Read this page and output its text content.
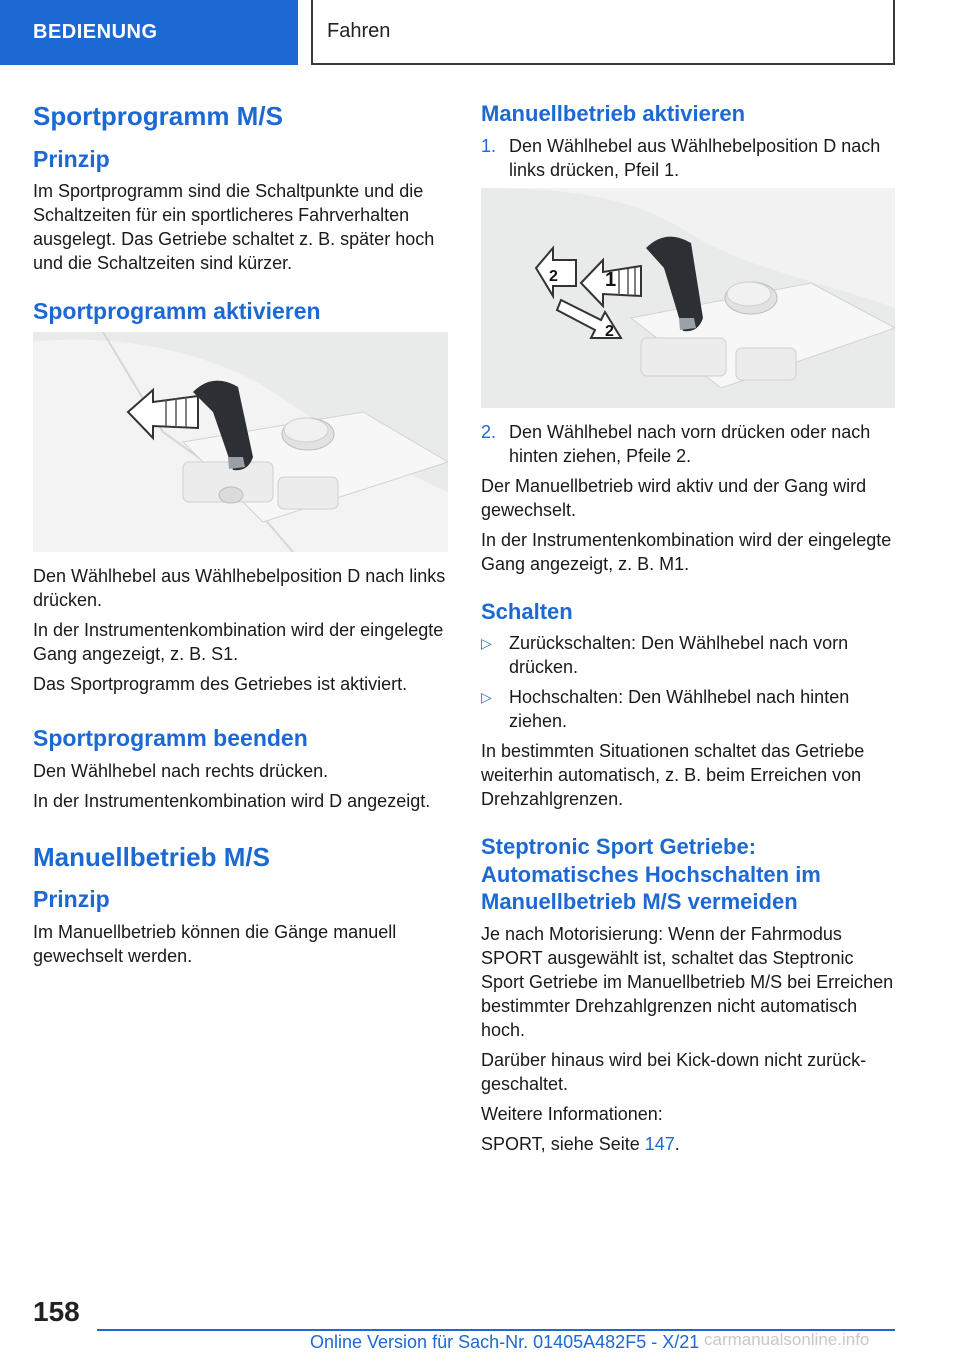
BEDIENUNG	Fahren
Sportprogramm M/S
Prinzip

Im Sportprogramm sind die Schaltpunkte und die Schaltzeiten für ein sportlicheres Fahrverhalten ausgelegt. Das Getriebe schaltet z. B. später hoch und die Schaltzeiten sind kürzer.

Sportprogramm aktivieren

Den Wählhebel aus Wählhebelposition D nach links drücken.

In der Instrumentenkombination wird der eingelegte Gang angezeigt, z. B. S1.

Das Sportprogramm des Getriebes ist aktiviert.

Sportprogramm beenden

Den Wählhebel nach rechts drücken.

In der Instrumentenkombination wird D angezeigt.

Manuellbetrieb M/S
Prinzip

Im Manuellbetrieb können die Gänge manuell gewechselt werden.

Manuellbetrieb aktivieren
1. Den Wählhebel aus Wählhebelposition D nach links drücken, Pfeil 1.
1
2
2
2. Den Wählhebel nach vorn drücken oder nach hinten ziehen, Pfeile 2.

Der Manuellbetrieb wird aktiv und der Gang wird gewechselt.

In der Instrumentenkombination wird der eingelegte Gang angezeigt, z. B. M1.

Schalten
▷ Zurückschalten: Den Wählhebel nach vorn drücken.
▷ Hochschalten: Den Wählhebel nach hinten ziehen.

In bestimmten Situationen schaltet das Getriebe weiterhin automatisch, z. B. beim Erreichen von Drehzahlgrenzen.

Steptronic Sport Getriebe: Automatisches Hochschalten im Manuellbetrieb M/S vermeiden

Je nach Motorisierung: Wenn der Fahrmodus SPORT ausgewählt ist, schaltet das Steptronic Sport Getriebe im Manuellbetrieb M/S bei Erreichen bestimmter Drehzahlgrenzen nicht automatisch hoch.

Darüber hinaus wird bei Kick-down nicht zurückgeschaltet.

Weitere Informationen:

SPORT, siehe Seite 147.

158
Online Version für Sach-Nr. 01405A482F5 - X/21 carmanualsonline.info
